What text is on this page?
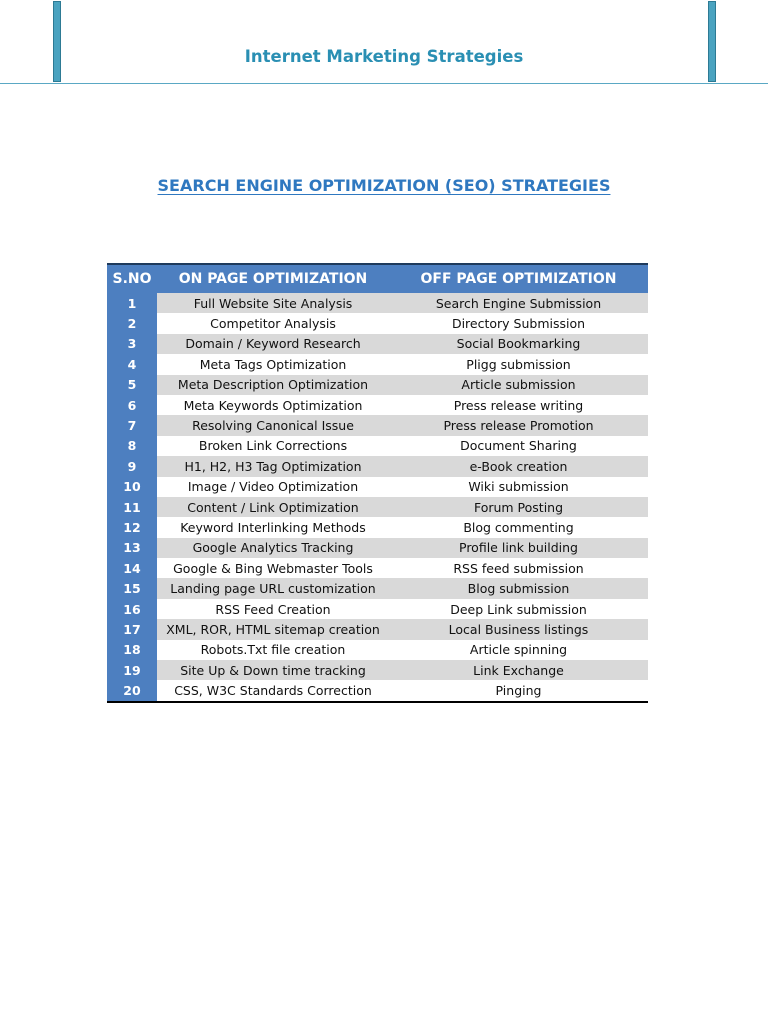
Internet Marketing Strategies
SEARCH ENGINE OPTIMIZATION (SEO) STRATEGIES
S.NO	ON PAGE OPTIMIZATION	OFF PAGE OPTIMIZATION
1	Full Website Site Analysis	Search Engine Submission
2	Competitor Analysis	Directory Submission
3	Domain / Keyword Research	Social Bookmarking
4	Meta Tags Optimization	Pligg submission
5	Meta Description Optimization	Article submission
6	Meta Keywords Optimization	Press release writing
7	Resolving Canonical Issue	Press release Promotion
8	Broken Link Corrections	Document Sharing
9	H1, H2, H3 Tag Optimization	e-Book creation
10	Image / Video Optimization	Wiki submission
11	Content / Link Optimization	Forum Posting
12	Keyword Interlinking Methods	Blog commenting
13	Google Analytics Tracking	Profile link building
14	Google & Bing Webmaster Tools	RSS feed submission
15	Landing page URL customization	Blog submission
16	RSS Feed Creation	Deep Link submission
17	XML, ROR, HTML sitemap creation	Local Business listings
18	Robots.Txt file creation	Article spinning
19	Site Up & Down time tracking	Link Exchange
20	CSS, W3C Standards Correction	Pinging
